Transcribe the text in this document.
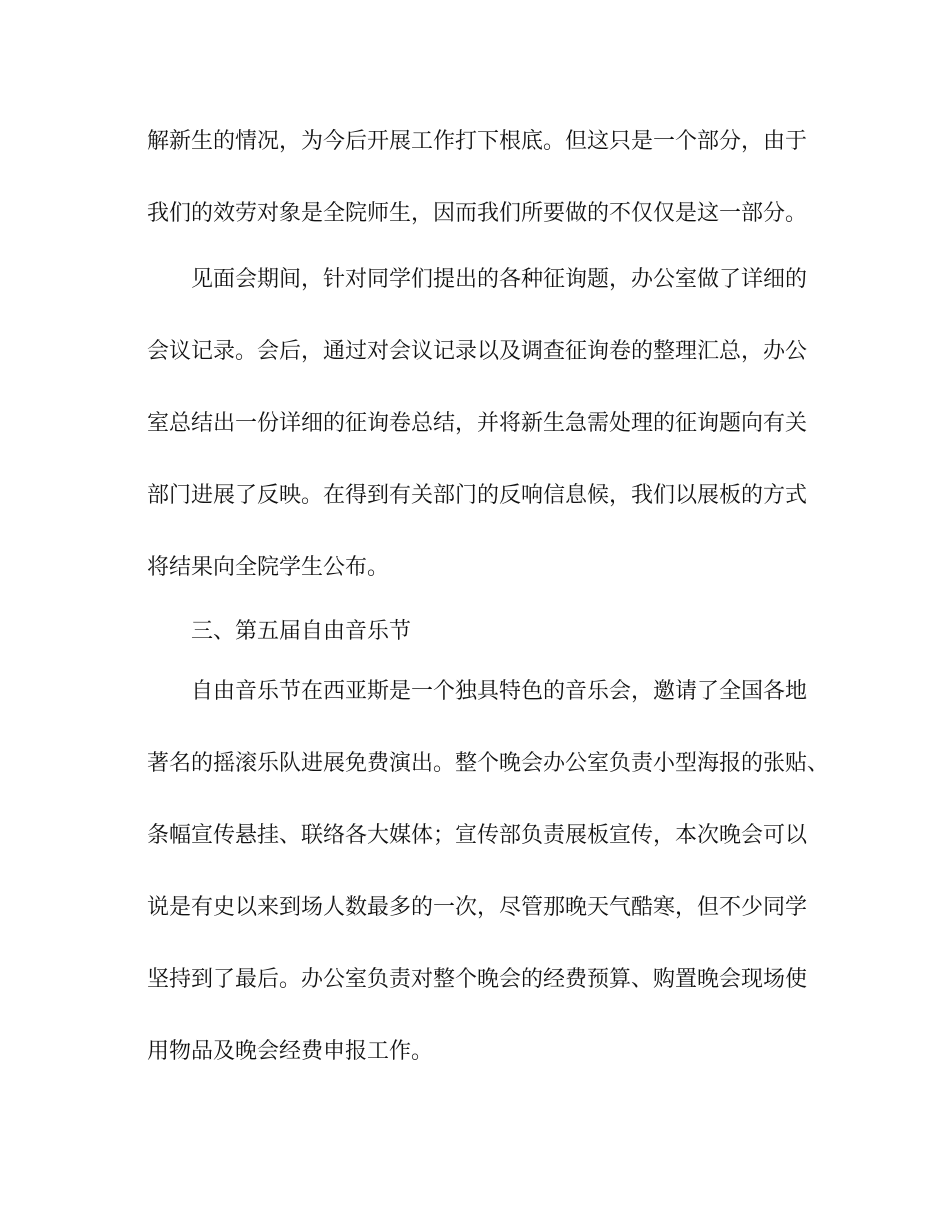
解新生的情况，为今后开展工作打下根底。但这只是一个部分，由于
我们的效劳对象是全院师生，因而我们所要做的不仅仅是这一部分。
见面会期间，针对同学们提出的各种征询题，办公室做了详细的
会议记录。会后，通过对会议记录以及调查征询卷的整理汇总，办公
室总结出一份详细的征询卷总结，并将新生急需处理的征询题向有关
部门进展了反映。在得到有关部门的反响信息候，我们以展板的方式
将结果向全院学生公布。
三、第五届自由音乐节
自由音乐节在西亚斯是一个独具特色的音乐会，邀请了全国各地
著名的摇滚乐队进展免费演出。整个晚会办公室负责小型海报的张贴、
条幅宣传悬挂、联络各大媒体；宣传部负责展板宣传，本次晚会可以
说是有史以来到场人数最多的一次，尽管那晚天气酷寒，但不少同学
坚持到了最后。办公室负责对整个晚会的经费预算、购置晚会现场使
用物品及晚会经费申报工作。
